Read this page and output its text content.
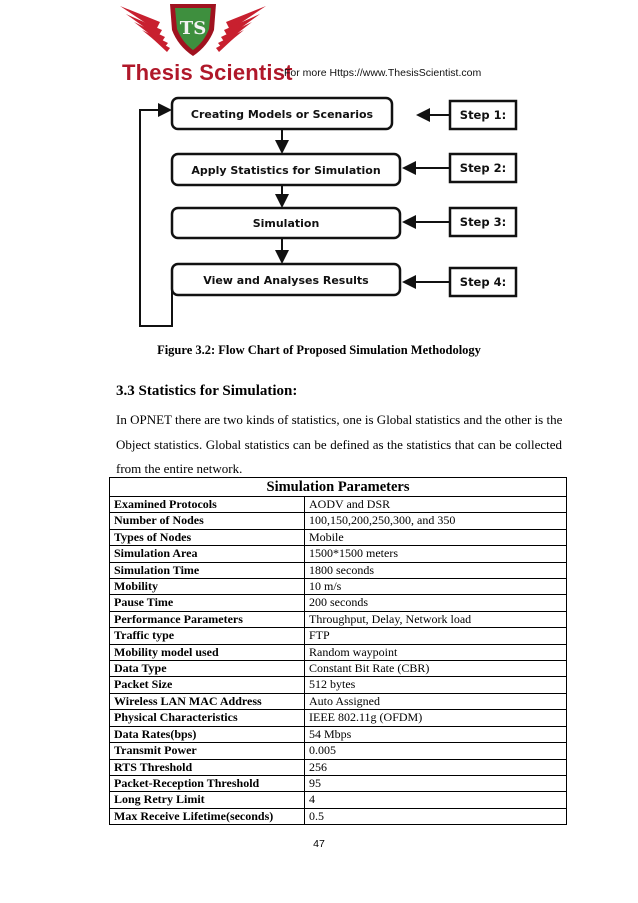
TS
Thesis Scientist
For more Https://www.ThesisScientist.com
Creating Models or Scenarios
Apply Statistics for Simulation
Simulation
View and Analyses Results
Step 1:
Step 2:
Step 3:
Step 4:
Figure 3.2: Flow Chart of Proposed Simulation Methodology
3.3 Statistics for Simulation:
In OPNET there are two kinds of statistics, one is Global statistics and the other is the
Object statistics. Global statistics can be defined as the statistics that can be collected
from the entire network.
Simulation Parameters	
Examined Protocols	AODV and DSR
Number of Nodes	100,150,200,250,300, and 350
Types of Nodes	Mobile
Simulation Area	1500*1500 meters
Simulation Time	1800 seconds
Mobility	10 m/s
Pause Time	200 seconds
Performance Parameters	Throughput, Delay, Network load
Traffic type	FTP
Mobility model used	Random waypoint
Data Type	Constant Bit Rate (CBR)
Packet Size	512 bytes
Wireless LAN MAC Address	Auto Assigned
Physical Characteristics	IEEE 802.11g (OFDM)
Data Rates(bps)	54 Mbps
Transmit Power	0.005
RTS Threshold	256
Packet-Reception Threshold	95
Long Retry Limit	4
Max Receive Lifetime(seconds)	0.5
47
